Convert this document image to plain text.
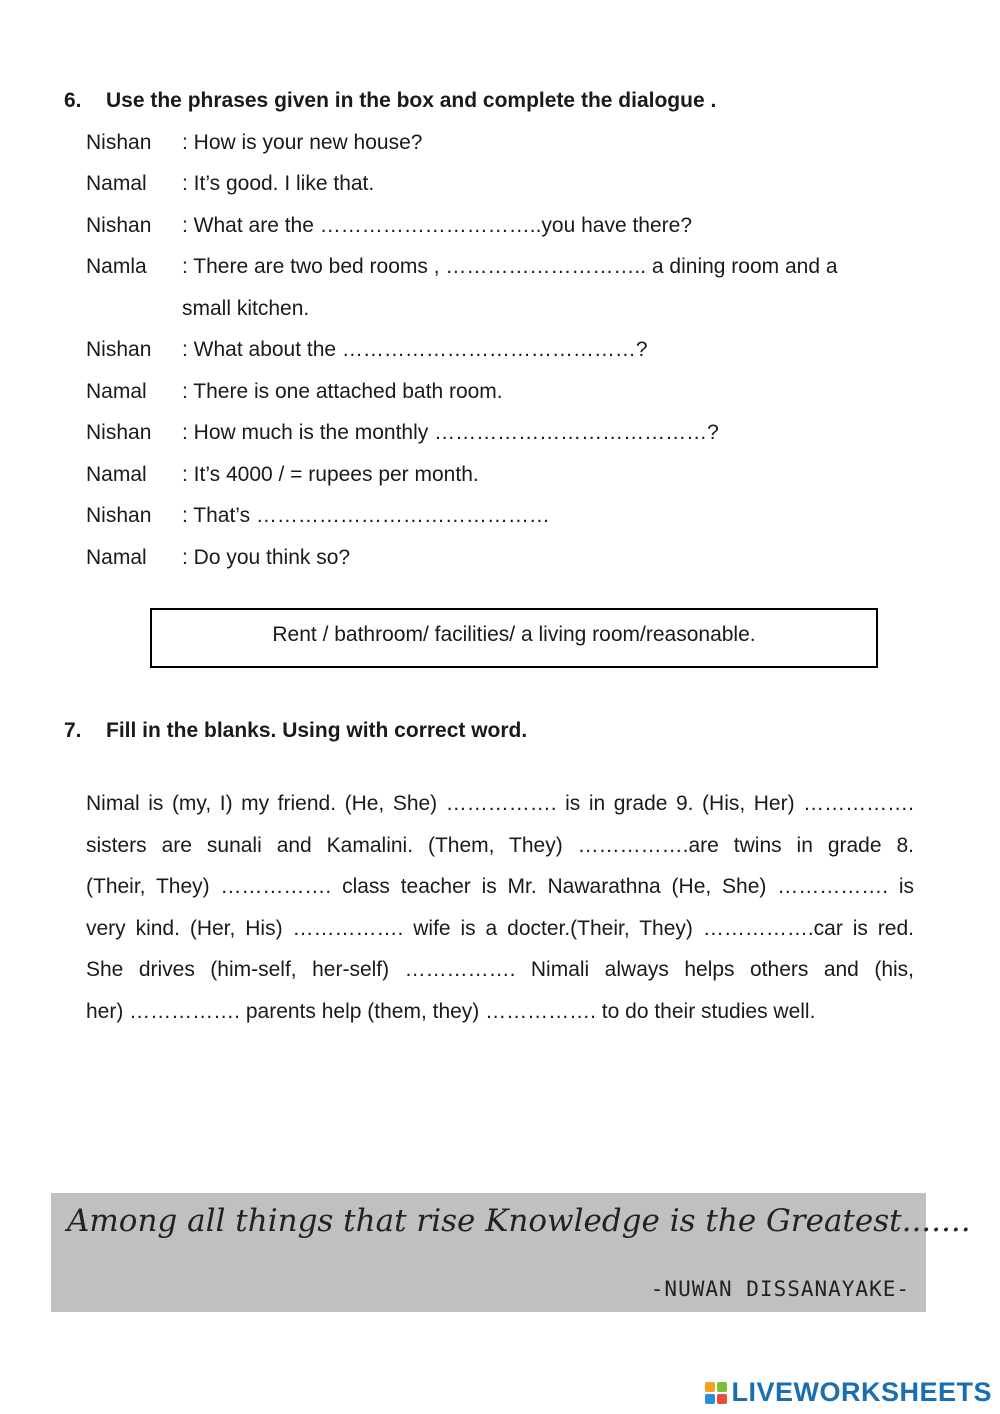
6. Use the phrases given in the box and complete the dialogue .
Nishan : How is your new house?
Namal : It’s good. I like that.
Nishan : What are the …………………………..you have there?
Namla : There are two bed rooms , ……………………….. a dining room and a
small kitchen.
Nishan : What about the ……………………………………?
Namal : There is one attached bath room.
Nishan : How much is the monthly …………………………………?
Namal : It’s 4000 / = rupees per month.
Nishan : That’s ……………………………………
Namal : Do you think so?
Rent / bathroom/ facilities/ a living room/reasonable.
7. Fill in the blanks. Using with correct word.
Nimal is (my, I) my friend. (He, She) ……………. is in grade 9. (His, Her) …………….
sisters are sunali and Kamalini. (Them, They) …………….are twins in grade 8.
(Their, They) ……………. class teacher is Mr. Nawarathna (He, She) ……………. is
very kind. (Her, His) ……………. wife is a docter.(Their, They) …………….car is red.
She drives (him-self, her-self) ……………. Nimali always helps others and (his,
her) ……………. parents help (them, they) ……………. to do their studies well.
Among all things that rise Knowledge is the Greatest.......
-NUWAN DISSANAYAKE-
LIVEWORKSHEETS
